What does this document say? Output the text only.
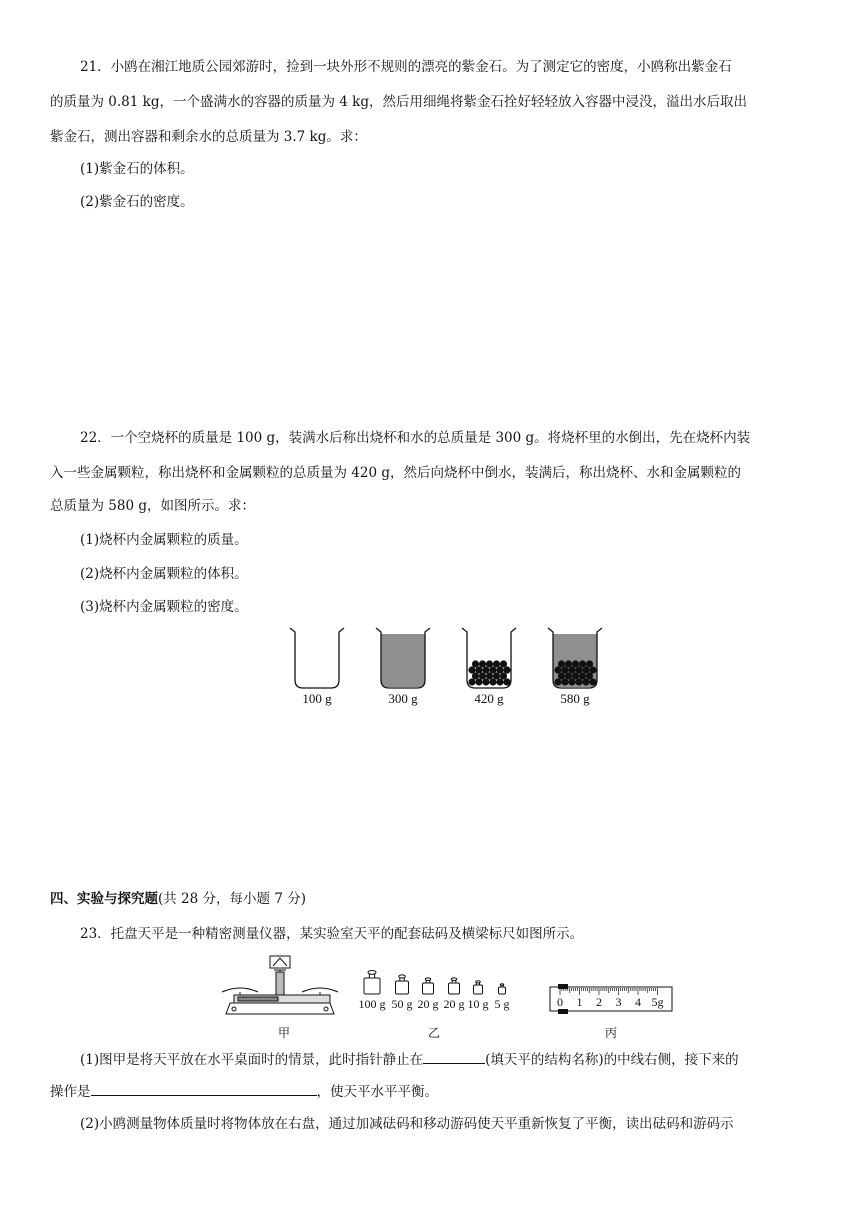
21．小鸥在湘江地质公园郊游时，捡到一块外形不规则的漂亮的紫金石。为了测定它的密度，小鸥称出紫金石
的质量为 0.81 kg，一个盛满水的容器的质量为 4 kg，然后用细绳将紫金石拴好轻轻放入容器中浸没，溢出水后取出
紫金石，测出容器和剩余水的总质量为 3.7 kg。求：
(1)紫金石的体积。
(2)紫金石的密度。
22．一个空烧杯的质量是 100 g，装满水后称出烧杯和水的总质量是 300 g。将烧杯里的水倒出，先在烧杯内装
入一些金属颗粒，称出烧杯和金属颗粒的总质量为 420 g，然后向烧杯中倒水，装满后，称出烧杯、水和金属颗粒的
总质量为 580 g，如图所示。求：
(1)烧杯内金属颗粒的质量。
(2)烧杯内金属颗粒的体积。
(3)烧杯内金属颗粒的密度。
100 g	300 g	420 g	580 g
四、实验与探究题(共 28 分，每小题 7 分)
23．托盘天平是一种精密测量仪器，某实验室天平的配套砝码及横梁标尺如图所示。
100 g 50 g 20 g 20 g 10 g 5 g	0	1	2	3	4 5g
甲	乙	丙
(1)图甲是将天平放在水平桌面时的情景，此时指针静止在	(填天平的结构名称)的中线右侧，接下来的
操作是	，使天平水平平衡。
(2)小鸥测量物体质量时将物体放在右盘，通过加减砝码和移动游码使天平重新恢复了平衡，读出砝码和游码示
